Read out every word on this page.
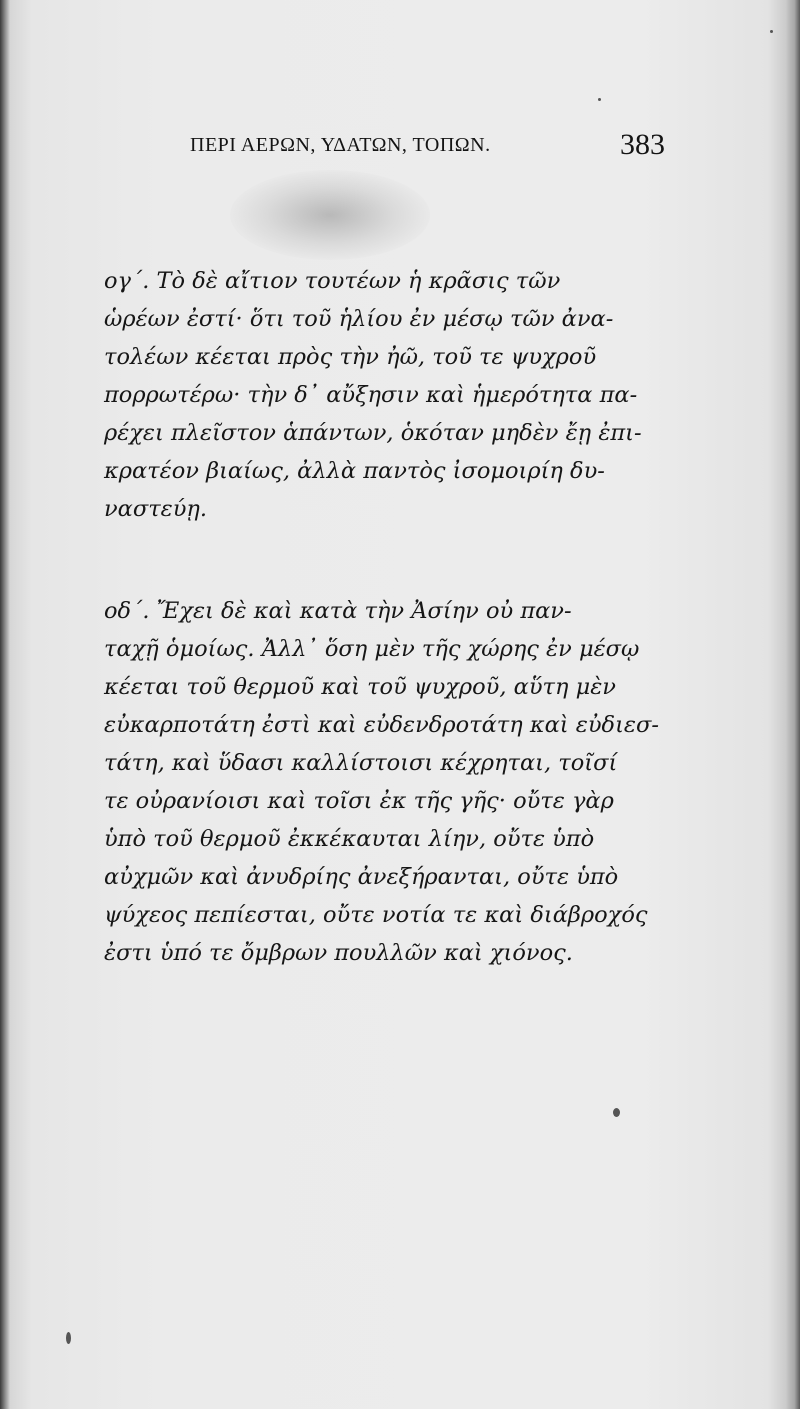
ΠΕΡΙ ΑΕΡΩΝ, ΥΔΑΤΩΝ, ΤΟΠΩΝ.	383
ογ΄. Τὸ δὲ αἴτιον τουτέων ἡ κρᾶσις τῶν
ὡρέων ἐστί· ὅτι τοῦ ἡλίου ἐν μέσῳ τῶν ἀνα-
τολέων κέεται πρὸς τὴν ἠῶ, τοῦ τε ψυχροῦ
πορρωτέρω· τὴν δ᾽ αὔξησιν καὶ ἡμερότητα πα-
ρέχει πλεῖστον ἁπάντων, ὁκόταν μηδὲν ἔῃ ἐπι-
κρατέον βιαίως, ἀλλὰ παντὸς ἰσομοιρίη δυ-
ναστεύῃ.
οδ΄. Ἔχει δὲ καὶ κατὰ τὴν Ἀσίην οὐ παν-
ταχῇ ὁμοίως. Ἀλλ᾽ ὅση μὲν τῆς χώρης ἐν μέσῳ
κέεται τοῦ θερμοῦ καὶ τοῦ ψυχροῦ, αὕτη μὲν
εὐκαρποτάτη ἐστὶ καὶ εὐδενδροτάτη καὶ εὐδιεσ-
τάτη, καὶ ὕδασι καλλίστοισι κέχρηται, τοῖσί
τε οὐρανίοισι καὶ τοῖσι ἐκ τῆς γῆς· οὔτε γὰρ
ὑπὸ τοῦ θερμοῦ ἐκκέκαυται λίην, οὔτε ὑπὸ
αὐχμῶν καὶ ἀνυδρίης ἀνεξήρανται, οὔτε ὑπὸ
ψύχεος πεπίεσται, οὔτε νοτία τε καὶ διάβροχός
ἐστι ὑπό τε ὄμβρων πουλλῶν καὶ χιόνος.
